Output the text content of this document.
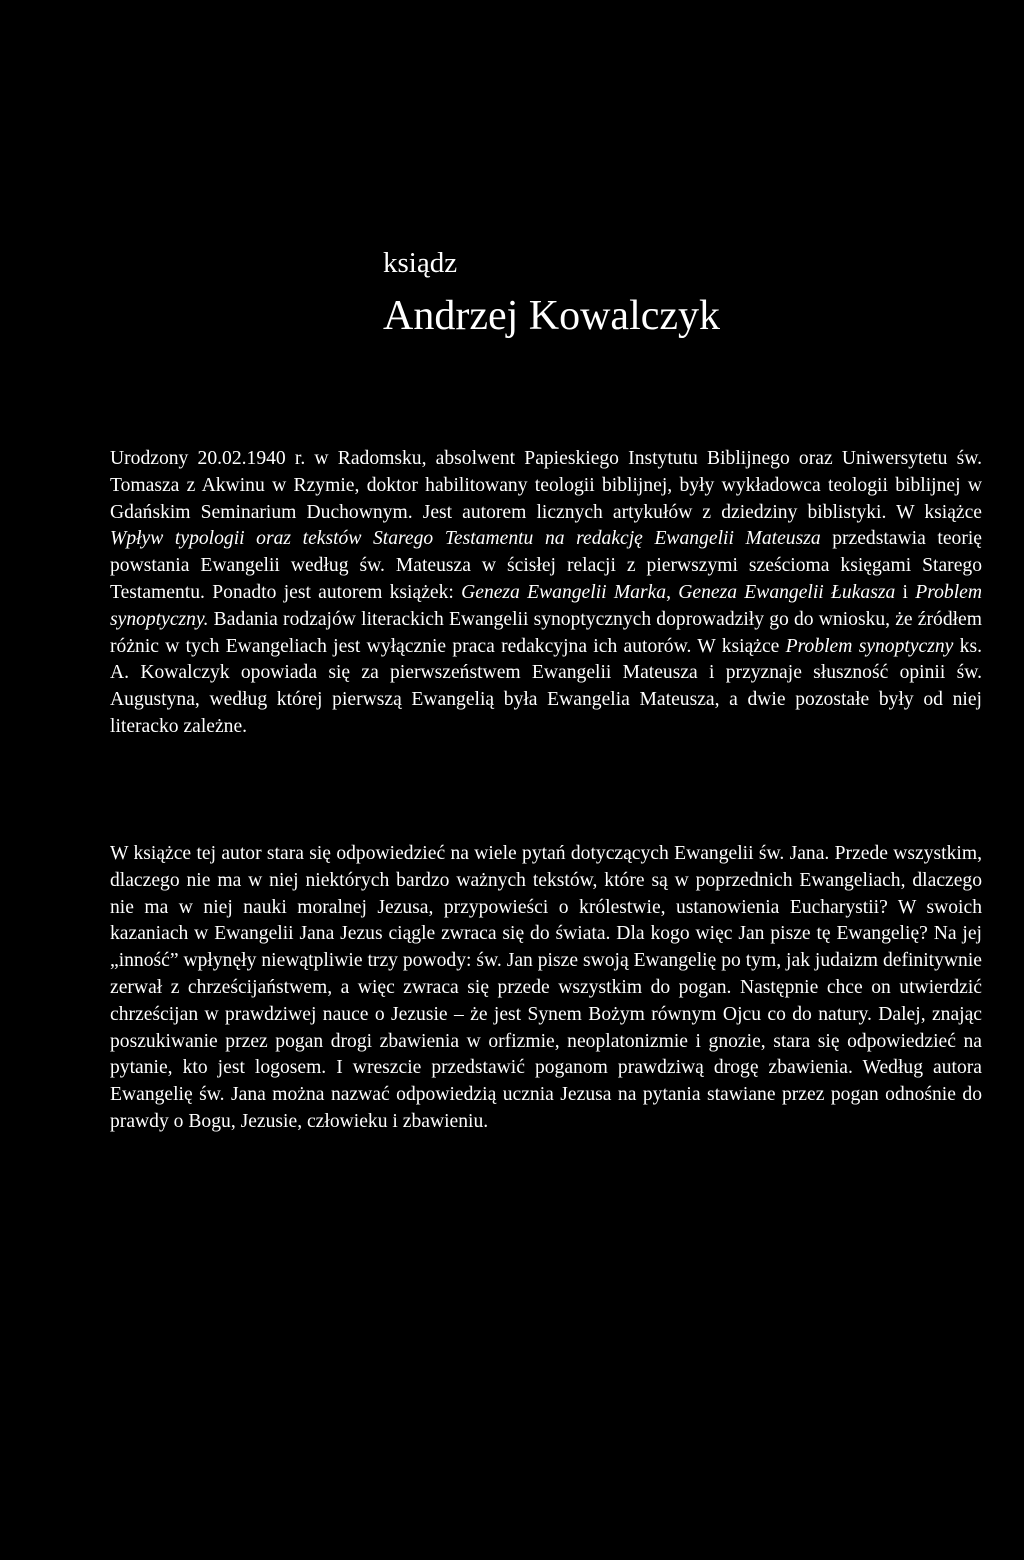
ksiądz

Andrzej Kowalczyk

Urodzony 20.02.1940 r. w Radomsku, absolwent Papieskiego Instytutu Biblijnego oraz Uniwersytetu św. Tomasza z Akwinu w Rzymie, doktor habilitowany teologii biblijnej, były wykładowca teologii biblijnej w Gdańskim Seminarium Duchownym. Jest autorem licznych artykułów z dziedziny biblistyki. W książce Wpływ typologii oraz tekstów Starego Testamentu na redakcję Ewangelii Mateusza przedstawia teorię powstania Ewangelii według św. Mateusza w ścisłej relacji z pierwszymi sześcioma księgami Starego Testamentu. Ponadto jest autorem książek: Geneza Ewangelii Marka, Geneza Ewangelii Łukasza i Problem synoptyczny. Badania rodzajów literackich Ewangelii synoptycznych doprowadziły go do wniosku, że źródłem różnic w tych Ewangeliach jest wyłącznie praca redakcyjna ich autorów. W książce Problem synoptyczny ks. A. Kowalczyk opowiada się za pierwszeństwem Ewangelii Mateusza i przyznaje słuszność opinii św. Augustyna, według której pierwszą Ewangelią była Ewangelia Mateusza, a dwie pozostałe były od niej literacko zależne.

W książce tej autor stara się odpowiedzieć na wiele pytań dotyczących Ewangelii św. Jana. Przede wszystkim, dlaczego nie ma w niej niektórych bardzo ważnych tekstów, które są w poprzednich Ewangeliach, dlaczego nie ma w niej nauki moralnej Jezusa, przypowieści o królestwie, ustanowienia Eucharystii? W swoich kazaniach w Ewangelii Jana Jezus ciągle zwraca się do świata. Dla kogo więc Jan pisze tę Ewangelię? Na jej „inność” wpłynęły niewątpliwie trzy powody: św. Jan pisze swoją Ewangelię po tym, jak judaizm definitywnie zerwał z chrześcijaństwem, a więc zwraca się przede wszystkim do pogan. Następnie chce on utwierdzić chrześcijan w prawdziwej nauce o Jezusie – że jest Synem Bożym równym Ojcu co do natury. Dalej, znając poszukiwanie przez pogan drogi zbawienia w orfizmie, neoplatonizmie i gnozie, stara się odpowiedzieć na pytanie, kto jest logosem. I wreszcie przedstawić poganom prawdziwą drogę zbawienia. Według autora Ewangelię św. Jana można nazwać odpowiedzią ucznia Jezusa na pytania stawiane przez pogan odnośnie do prawdy o Bogu, Jezusie, człowieku i zbawieniu.
